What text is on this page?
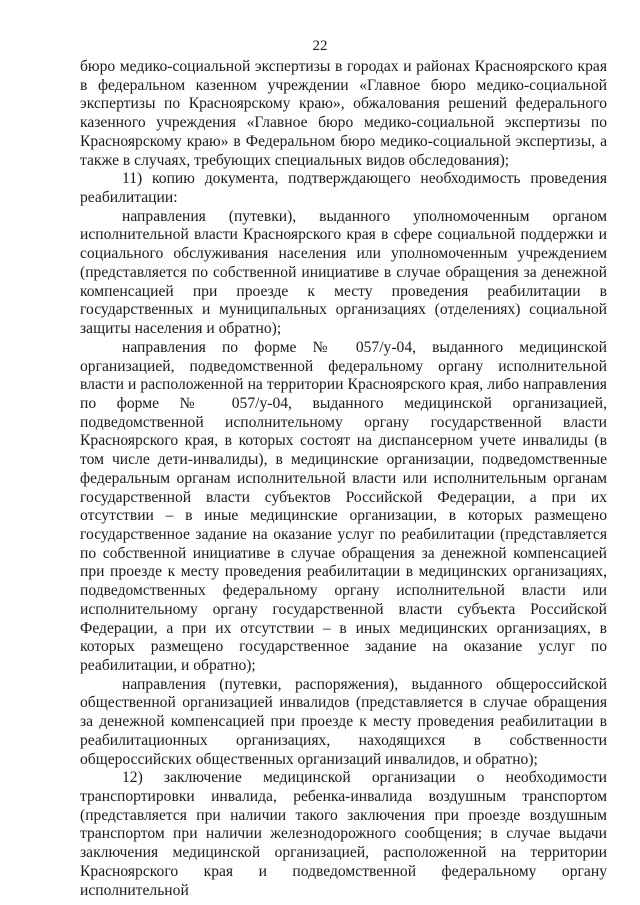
22

бюро медико-социальной экспертизы в городах и районах Красноярского края в федеральном казенном учреждении «Главное бюро медико-социальной экспертизы по Красноярскому краю», обжалования решений федерального казенного учреждения «Главное бюро медико-социальной экспертизы по Красноярскому краю» в Федеральном бюро медико-социальной экспертизы, а также в случаях, требующих специальных видов обследования);

11) копию документа, подтверждающего необходимость проведения реабилитации:

направления (путевки), выданного уполномоченным органом исполнительной власти Красноярского края в сфере социальной поддержки и социального обслуживания населения или уполномоченным учреждением (представляется по собственной инициативе в случае обращения за денежной компенсацией при проезде к месту проведения реабилитации в государственных и муниципальных организациях (отделениях) социальной защиты населения и обратно);

направления по форме № 057/у-04, выданного медицинской организацией, подведомственной федеральному органу исполнительной власти и расположенной на территории Красноярского края, либо направления по форме № 057/у-04, выданного медицинской организацией, подведомственной исполнительному органу государственной власти Красноярского края, в которых состоят на диспансерном учете инвалиды (в том числе дети-инвалиды), в медицинские организации, подведомственные федеральным органам исполнительной власти или исполнительным органам государственной власти субъектов Российской Федерации, а при их отсутствии – в иные медицинские организации, в которых размещено государственное задание на оказание услуг по реабилитации (представляется по собственной инициативе в случае обращения за денежной компенсацией при проезде к месту проведения реабилитации в медицинских организациях, подведомственных федеральному органу исполнительной власти или исполнительному органу государственной власти субъекта Российской Федерации, а при их отсутствии – в иных медицинских организациях, в которых размещено государственное задание на оказание услуг по реабилитации, и обратно);

направления (путевки, распоряжения), выданного общероссийской общественной организацией инвалидов (представляется в случае обращения за денежной компенсацией при проезде к месту проведения реабилитации в реабилитационных организациях, находящихся в собственности общероссийских общественных организаций инвалидов, и обратно);

12) заключение медицинской организации о необходимости транспортировки инвалида, ребенка-инвалида воздушным транспортом (представляется при наличии такого заключения при проезде воздушным транспортом при наличии железнодорожного сообщения; в случае выдачи заключения медицинской организацией, расположенной на территории Красноярского края и подведомственной федеральному органу исполнительной
